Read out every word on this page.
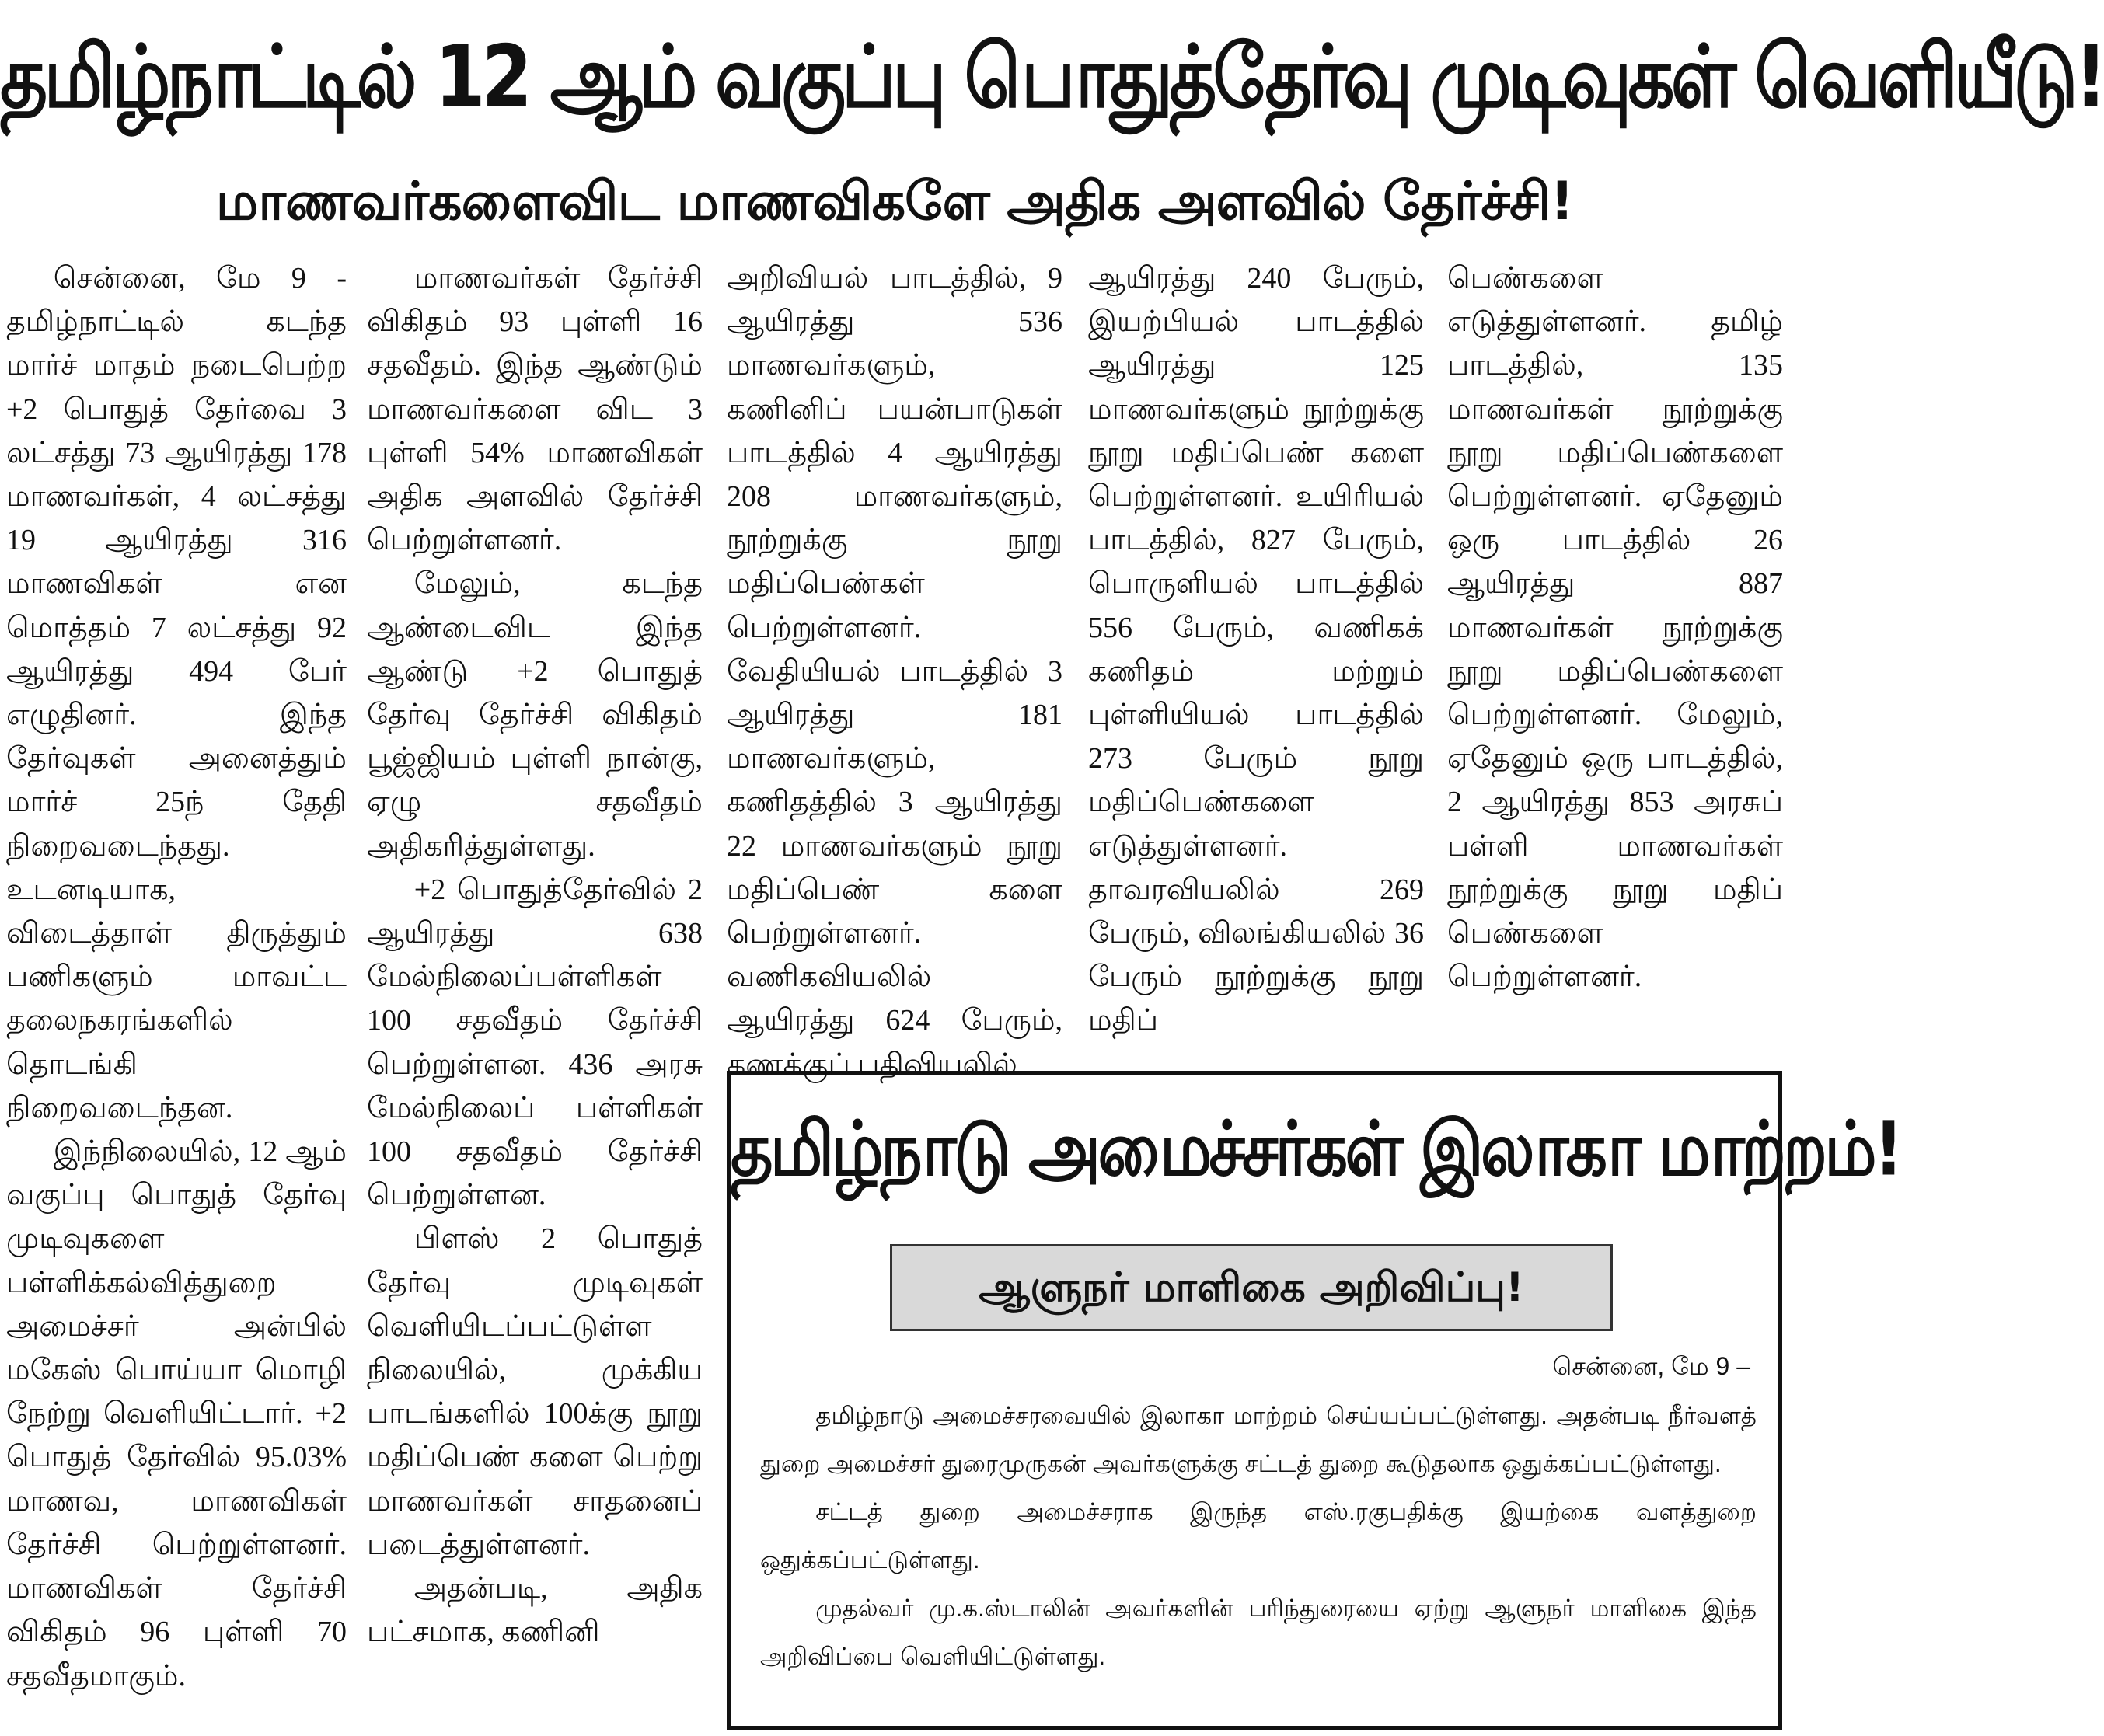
தமிழ்நாட்டில் 12 ஆம் வகுப்பு பொதுத்தேர்வு முடிவுகள் வெளியீடு!
மாணவர்களைவிட மாணவிகளே அதிக அளவில் தேர்ச்சி!

சென்னை, மே 9 - தமிழ்நாட்டில் கடந்த மார்ச் மாதம் நடைபெற்ற +2 பொதுத் தேர்வை 3 லட்சத்து 73 ஆயிரத்து 178 மாணவர்கள், 4 லட்சத்து 19 ஆயிரத்து 316 மாணவிகள் என மொத்தம் 7 லட்சத்து 92 ஆயிரத்து 494 பேர் எழுதினர். இந்த தேர்வுகள் அனைத்தும் மார்ச் 25ந் தேதி நிறைவடைந்தது. உடனடியாக, விடைத்தாள் திருத்தும் பணிகளும் மாவட்ட தலைநகரங்களில் தொடங்கி நிறைவடைந்தன.

இந்நிலையில், 12 ஆம் வகுப்பு பொதுத் தேர்வு முடிவுகளை பள்ளிக்கல்வித்துறை அமைச்சர் அன்பில் மகேஸ் பொய்யா மொழி நேற்று வெளியிட்டார். +2 பொதுத் தேர்வில் 95.03% மாணவ, மாணவிகள் தேர்ச்சி பெற்றுள்ளனர். மாணவிகள் தேர்ச்சி விகிதம் 96 புள்ளி 70 சதவீதமாகும்.

மாணவர்கள் தேர்ச்சி விகிதம் 93 புள்ளி 16 சதவீதம். இந்த ஆண்டும் மாணவர்களை விட 3 புள்ளி 54% மாணவிகள் அதிக அளவில் தேர்ச்சி பெற்றுள்ளனர்.

மேலும், கடந்த ஆண்டைவிட இந்த ஆண்டு +2 பொதுத் தேர்வு தேர்ச்சி விகிதம் பூஜ்ஜியம் புள்ளி நான்கு, ஏழு சதவீதம் அதிகரித்துள்ளது.

+2 பொதுத்தேர்வில் 2 ஆயிரத்து 638 மேல்நிலைப்பள்ளிகள் 100 சதவீதம் தேர்ச்சி பெற்றுள்ளன. 436 அரசு மேல்நிலைப் பள்ளிகள் 100 சதவீதம் தேர்ச்சி பெற்றுள்ளன.

பிளஸ் 2 பொதுத் தேர்வு முடிவுகள் வெளியிடப்பட்டுள்ள நிலையில், முக்கிய பாடங்களில் 100க்கு நூறு மதிப்பெண் களை பெற்று மாணவர்கள் சாதனைப் படைத்துள்ளனர்.

அதன்படி, அதிக பட்சமாக, கணினி

அறிவியல் பாடத்தில், 9 ஆயிரத்து 536 மாணவர்களும், கணினிப் பயன்பாடுகள் பாடத்தில் 4 ஆயிரத்து 208 மாணவர்களும், நூற்றுக்கு நூறு மதிப்பெண்கள் பெற்றுள்ளனர். வேதியியல் பாடத்தில் 3 ஆயிரத்து 181 மாணவர்களும், கணிதத்தில் 3 ஆயிரத்து 22 மாணவர்களும் நூறு மதிப்பெண் களை பெற்றுள்ளனர். வணிகவியலில் ஆயிரத்து 624 பேரும், கணக்குப் பதிவியலில்

ஆயிரத்து 240 பேரும், இயற்பியல் பாடத்தில் ஆயிரத்து 125 மாணவர்களும் நூற்றுக்கு நூறு மதிப்பெண் களை பெற்றுள்ளனர். உயிரியல் பாடத்தில், 827 பேரும், பொருளியல் பாடத்தில் 556 பேரும், வணிகக் கணிதம் மற்றும் புள்ளியியல் பாடத்தில் 273 பேரும் நூறு மதிப்பெண்களை எடுத்துள்ளனர். தாவரவியலில் 269 பேரும், விலங்கியலில் 36 பேரும் நூற்றுக்கு நூறு மதிப்

பெண்களை எடுத்துள்ளனர். தமிழ் பாடத்தில், 135 மாணவர்கள் நூற்றுக்கு நூறு மதிப்பெண்களை பெற்றுள்ளனர். ஏதேனும் ஒரு பாடத்தில் 26 ஆயிரத்து 887 மாணவர்கள் நூற்றுக்கு நூறு மதிப்பெண்களை பெற்றுள்ளனர். மேலும், ஏதேனும் ஒரு பாடத்தில், 2 ஆயிரத்து 853 அரசுப் பள்ளி மாணவர்கள் நூற்றுக்கு நூறு மதிப் பெண்களை பெற்றுள்ளனர்.

தமிழ்நாடு அமைச்சர்கள் இலாகா மாற்றம்!
ஆளுநர் மாளிகை அறிவிப்பு!
சென்னை, மே 9 –

தமிழ்நாடு அமைச்சரவையில் இலாகா மாற்றம் செய்யப்பட்டுள்ளது. அதன்படி நீர்வளத் துறை அமைச்சர் துரைமுருகன் அவர்களுக்கு சட்டத் துறை கூடுதலாக ஒதுக்கப்பட்டுள்ளது.

சட்டத் துறை அமைச்சராக இருந்த எஸ்.ரகுபதிக்கு இயற்கை வளத்துறை ஒதுக்கப்பட்டுள்ளது.

முதல்வர் மு.க.ஸ்டாலின் அவர்களின் பரிந்துரையை ஏற்று ஆளுநர் மாளிகை இந்த அறிவிப்பை வெளியிட்டுள்ளது.
